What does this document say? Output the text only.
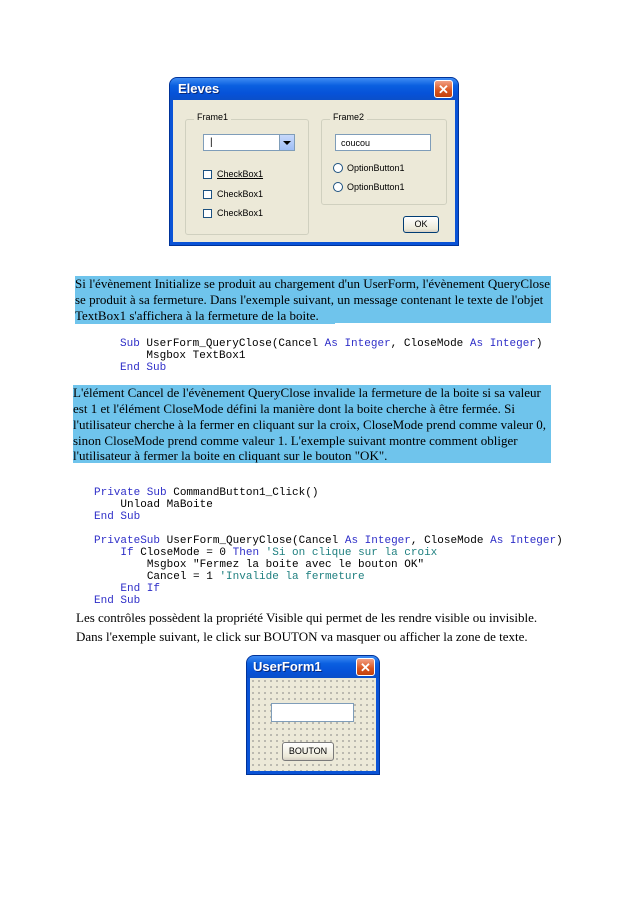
Eleves	✕
Frame1
|
CheckBox1
CheckBox1
CheckBox1
Frame2
coucou
OptionButton1
OptionButton1
OK
Si l'évènement Initialize se produit au chargement d'un UserForm, l'évènement QueryClose
se produit à sa fermeture. Dans l'exemple suivant, un message contenant le texte de l'objet
TextBox1 s'affichera à la fermeture de la boite.
Sub UserForm_QueryClose(Cancel As Integer, CloseMode As Integer)
Msgbox TextBox1
End Sub
L'élément Cancel de l'évènement QueryClose invalide la fermeture de la boite si sa valeur
est 1 et l'élément CloseMode défini la manière dont la boite cherche à être fermée. Si
l'utilisateur cherche à la fermer en cliquant sur la croix, CloseMode prend comme valeur 0,
sinon CloseMode prend comme valeur 1. L'exemple suivant montre comment obliger
l'utilisateur à fermer la boite en cliquant sur le bouton "OK".
Private Sub CommandButton1_Click()
Unload MaBoite
End Sub

PrivateSub UserForm_QueryClose(Cancel As Integer, CloseMode As Integer)
If CloseMode = 0 Then 'Si on clique sur la croix
Msgbox "Fermez la boite avec le bouton OK"
Cancel = 1 'Invalide la fermeture
End If
End Sub
Les contrôles possèdent la propriété Visible qui permet de les rendre visible ou invisible.
Dans l'exemple suivant, le click sur BOUTON va masquer ou afficher la zone de texte.
UserForm1	✕
BOUTON
